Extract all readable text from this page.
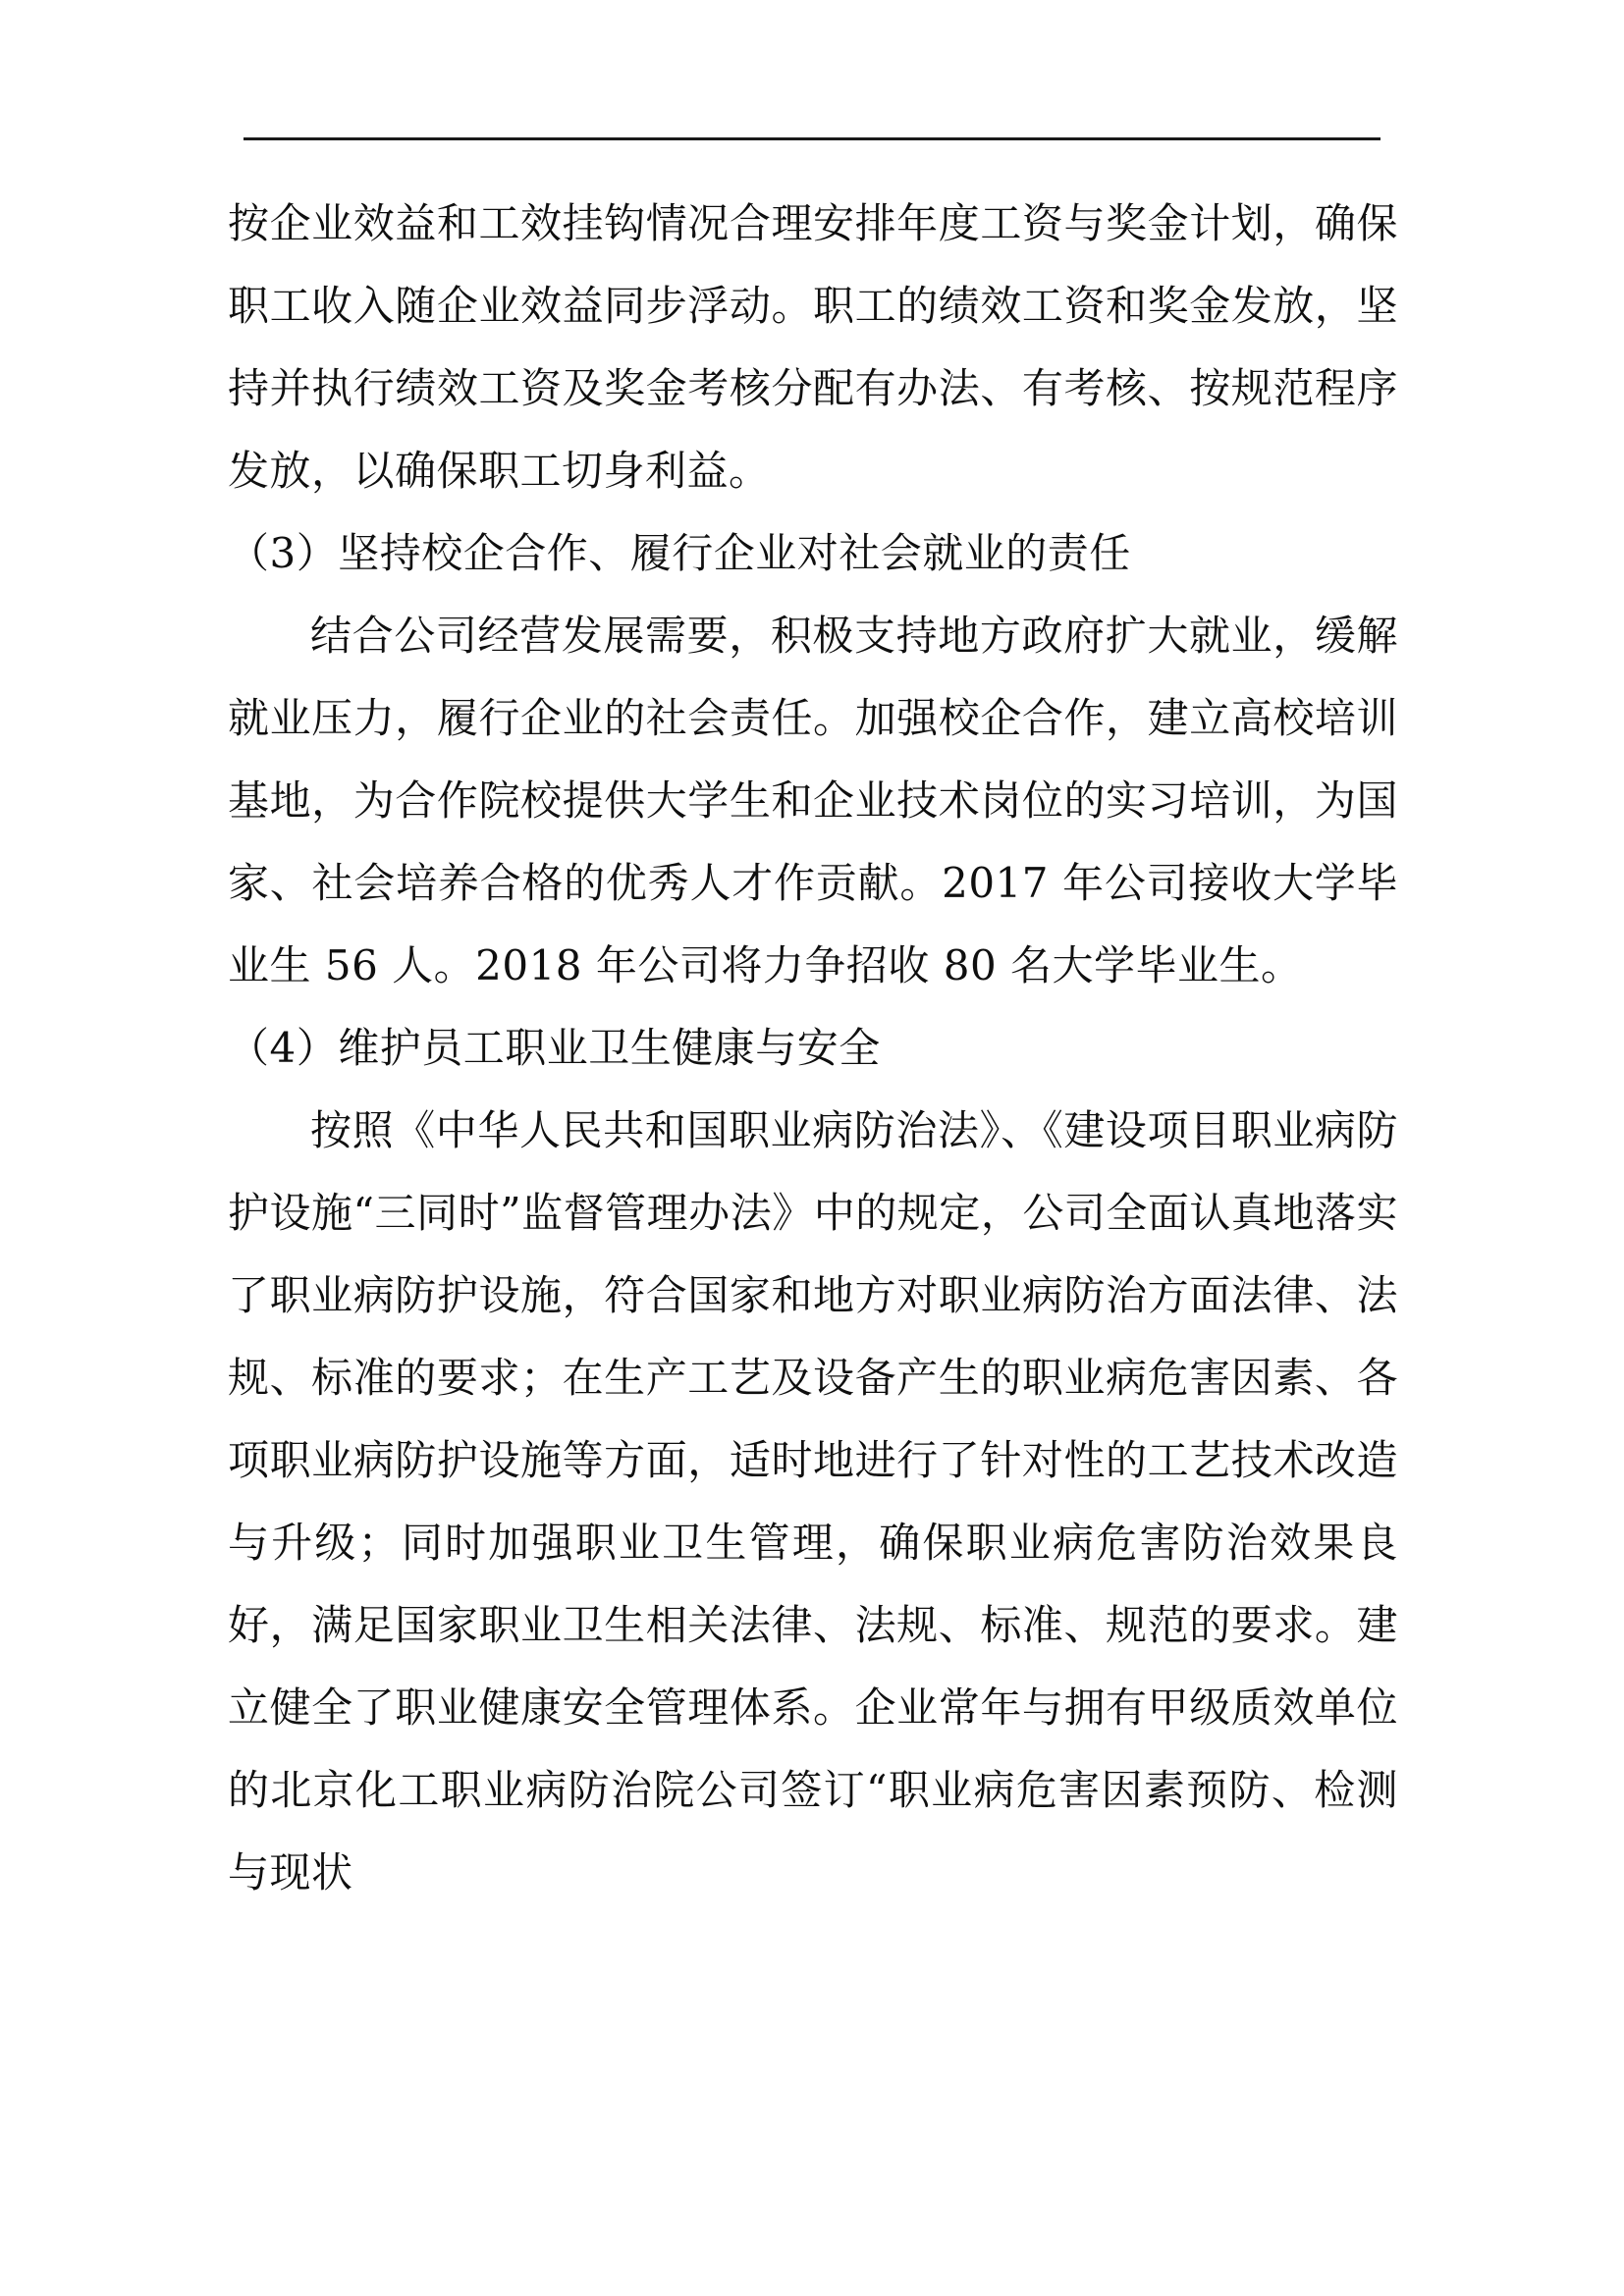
按企业效益和工效挂钩情况合理安排年度工资与奖金计划，确保职工收入随企业效益同步浮动。职工的绩效工资和奖金发放，坚持并执行绩效工资及奖金考核分配有办法、有考核、按规范程序发放，以确保职工切身利益。

（3）坚持校企合作、履行企业对社会就业的责任

结合公司经营发展需要，积极支持地方政府扩大就业，缓解就业压力，履行企业的社会责任。加强校企合作，建立高校培训基地，为合作院校提供大学生和企业技术岗位的实习培训，为国家、社会培养合格的优秀人才作贡献。2017 年公司接收大学毕业生 56 人。2018 年公司将力争招收 80 名大学毕业生。

（4）维护员工职业卫生健康与安全

按照《中华人民共和国职业病防治法》、《建设项目职业病防护设施“三同时”监督管理办法》中的规定，公司全面认真地落实了职业病防护设施，符合国家和地方对职业病防治方面法律、法规、标准的要求；在生产工艺及设备产生的职业病危害因素、各项职业病防护设施等方面，适时地进行了针对性的工艺技术改造与升级；同时加强职业卫生管理，确保职业病危害防治效果良好，满足国家职业卫生相关法律、法规、标准、规范的要求。建立健全了职业健康安全管理体系。企业常年与拥有甲级质效单位的北京化工职业病防治院公司签订“职业病危害因素预防、检测与现状
